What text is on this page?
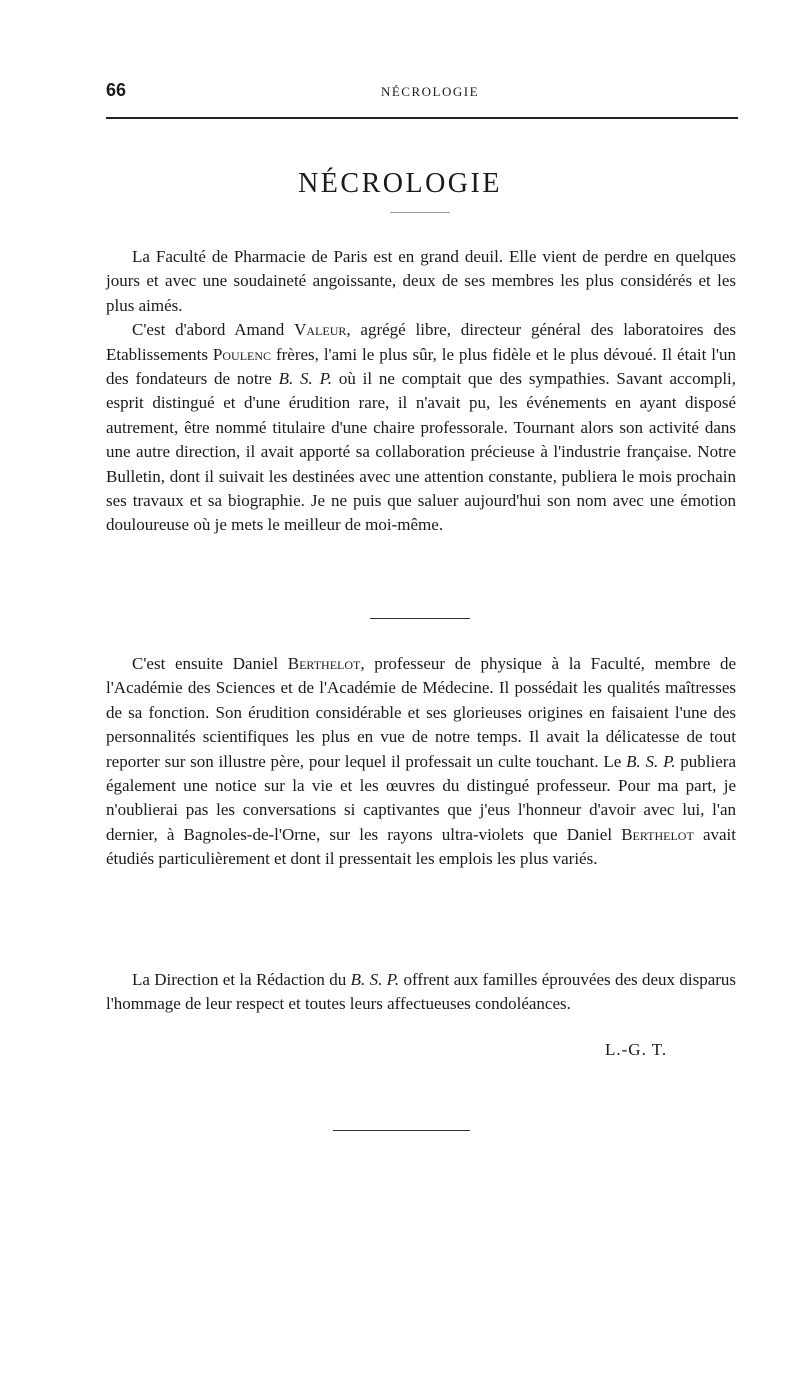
66	NÉCROLOGIE
NÉCROLOGIE

La Faculté de Pharmacie de Paris est en grand deuil. Elle vient de perdre en quelques jours et avec une soudaineté angoissante, deux de ses membres les plus considérés et les plus aimés.

C'est d'abord Amand Valeur, agrégé libre, directeur général des laboratoires des Etablissements Poulenc frères, l'ami le plus sûr, le plus fidèle et le plus dévoué. Il était l'un des fondateurs de notre B. S. P. où il ne comptait que des sympathies. Savant accompli, esprit distingué et d'une érudition rare, il n'avait pu, les événements en ayant disposé autrement, être nommé titulaire d'une chaire professorale. Tournant alors son activité dans une autre direction, il avait apporté sa collaboration précieuse à l'industrie française. Notre Bulletin, dont il suivait les destinées avec une attention constante, publiera le mois prochain ses travaux et sa biographie. Je ne puis que saluer aujourd'hui son nom avec une émotion douloureuse où je mets le meilleur de moi-même.

C'est ensuite Daniel Berthelot, professeur de physique à la Faculté, membre de l'Académie des Sciences et de l'Académie de Médecine. Il possédait les qualités maîtresses de sa fonction. Son érudition considérable et ses glorieuses origines en faisaient l'une des personnalités scientifiques les plus en vue de notre temps. Il avait la délicatesse de tout reporter sur son illustre père, pour lequel il professait un culte touchant. Le B. S. P. publiera également une notice sur la vie et les œuvres du distingué professeur. Pour ma part, je n'oublierai pas les conversations si captivantes que j'eus l'honneur d'avoir avec lui, l'an dernier, à Bagnoles-de-l'Orne, sur les rayons ultra-violets que Daniel Berthelot avait étudiés particulièrement et dont il pressentait les emplois les plus variés.

La Direction et la Rédaction du B. S. P. offrent aux familles éprouvées des deux disparus l'hommage de leur respect et toutes leurs affectueuses condoléances.

L.-G. T.
